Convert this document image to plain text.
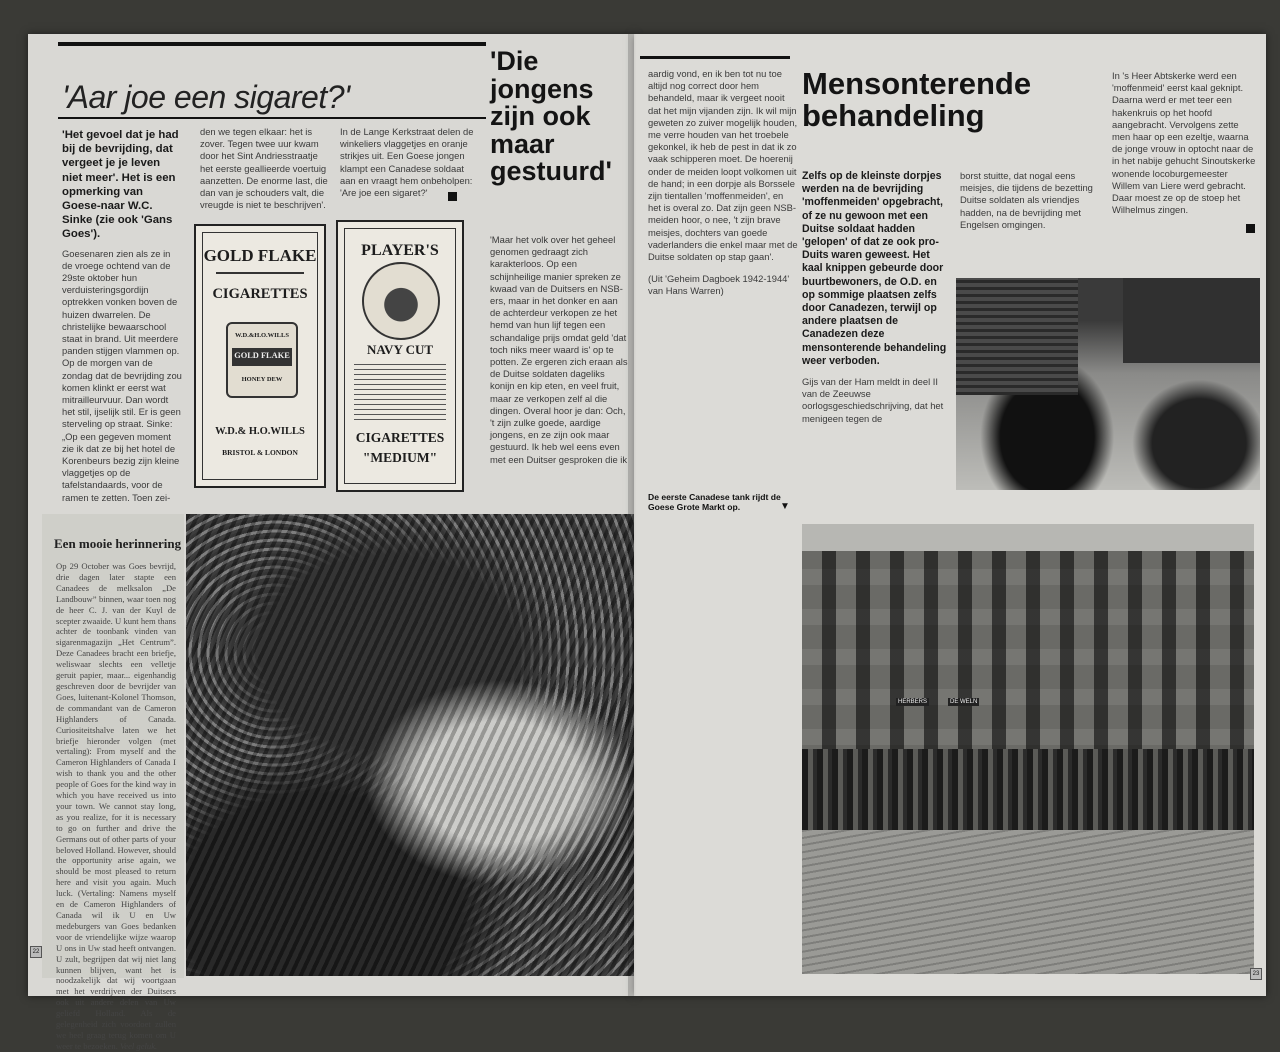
'Aar joe een sigaret?'

'Het gevoel dat je had bij de bevrijding, dat vergeet je je leven niet meer'. Het is een opmerking van Goese-naar W.C. Sinke (zie ook 'Gans Goes').

Goesenaren zien als ze in de vroege ochtend van de 29ste oktober hun verduisteringsgordijn optrekken vonken boven de huizen dwarrelen. De christelijke bewaarschool staat in brand. Uit meerdere panden stijgen vlammen op. Op de morgen van de zondag dat de bevrijding zou komen klinkt er eerst wat mitrailleurvuur. Dan wordt het stil, ijselijk stil. Er is geen sterveling op straat. Sinke: „Op een gegeven moment zie ik dat ze bij het hotel de Korenbeurs bezig zijn kleine vlaggetjes op de tafelstandaards, voor de ramen te zetten. Toen zei-

den we tegen elkaar: het is zover. Tegen twee uur kwam door het Sint Andriesstraatje het eerste geallieerde voertuig aanzetten. De enorme last, die dan van je schouders valt, die vreugde is niet te beschrijven'.

In de Lange Kerkstraat delen de winkeliers vlaggetjes en oranje strikjes uit. Een Goese jongen klampt een Canadese soldaat aan en vraagt hem onbeholpen: 'Are joe een sigaret?'

GOLD FLAKE
CIGARETTES
W.D.&H.O.WILLS
GOLD FLAKE
HONEY DEW
W.D.& H.O.WILLS
BRISTOL & LONDON
PLAYER'S
NAVY CUT
CIGARETTES
"MEDIUM"
'Die jongens zijn ook maar gestuurd'

'Maar het volk over het geheel genomen gedraagt zich karakterloos. Op een schijnheilige manier spreken ze kwaad van de Duitsers en NSB-ers, maar in het donker en aan de achterdeur verkopen ze het hemd van hun lijf tegen een schandalige prijs omdat geld 'dat toch niks meer waard is' op te potten. Ze ergeren zich eraan als de Duitse soldaten dageliks konijn en kip eten, en veel fruit, maar ze verkopen zelf al die dingen. Overal hoor je dan: Och, 't zijn zulke goede, aardige jongens, en ze zijn ook maar gestuurd. Ik heb wel eens even met een Duitser gesproken die ik

Een mooie herinnering
Op 29 October was Goes bevrijd, drie dagen later stapte een Canadees de melksalon „De Landbouw” binnen, waar toen nog de heer C. J. van der Kuyl de scepter zwaaide. U kunt hem thans achter de toonbank vinden van sigarenmagazijn „Het Centrum”. Deze Canadees bracht een briefje, weliswaar slechts een velletje geruit papier, maar... eigenhandig geschreven door de bevrijder van Goes, luitenant-Kolonel Thomson, de commandant van de Cameron Highlanders of Canada. Curiositeitshalve laten we het briefje hieronder volgen (met vertaling): From myself and the Cameron Highlanders of Canada I wish to thank you and the other people of Goes for the kind way in which you have received us into your town. We cannot stay long, as you realize, for it is necessary to go on further and drive the Germans out of other parts of your beloved Holland. However, should the opportunity arise again, we should be most pleased to return here and visit you again. Much luck. (Vertaling: Namens myself en de Cameron Highlanders of Canada wil ik U en Uw medeburgers van Goes bedanken voor de vriendelijke wijze waarop U ons in Uw stad heeft ontvangen. U zult, begrijpen dat wij niet lang kunnen blijven, want het is noodzakelijk dat wij voortgaan met het verdrijven der Duitsers ook uit andere delen van Uw geliefd Holland. Als de gelegenheid zich voordoet zullen we heel graag terug komen om U weer te bezoeken. Veel geluk.
22

aardig vond, en ik ben tot nu toe altijd nog correct door hem behandeld, maar ik vergeet nooit dat het mijn vijanden zijn. Ik wil mijn geweten zo zuiver mogelijk houden, me verre houden van het troebele gekonkel, ik heb de pest in dat ik zo vaak schipperen moet. De hoerenij onder de meiden loopt volkomen uit de hand; in een dorpje als Borssele zijn tientallen 'moffenmeiden', en het is overal zo. Dat zijn geen NSB-meiden hoor, o nee, 't zijn brave meisjes, dochters van goede vaderlanders die enkel maar met de Duitse soldaten op stap gaan'.

(Uit 'Geheim Dagboek 1942-1944' van Hans Warren)

Mensonterende behandeling

Zelfs op de kleinste dorpjes werden na de bevrijding 'moffenmeiden' opgebracht, of ze nu gewoon met een Duitse soldaat hadden 'gelopen' of dat ze ook pro-Duits waren geweest. Het kaal knippen gebeurde door buurtbewoners, de O.D. en op sommige plaatsen zelfs door Canadezen, terwijl op andere plaatsen de Canadezen deze mensonterende behandeling weer verboden.

Gijs van der Ham meldt in deel II van de Zeeuwse oorlogsgeschiedschrijving, dat het menigeen tegen de

borst stuitte, dat nogal eens meisjes, die tijdens de bezetting Duitse soldaten als vriendjes hadden, na de bevrijding met Engelsen omgingen.

In 's Heer Abtskerke werd een 'moffenmeid' eerst kaal geknipt. Daarna werd er met teer een hakenkruis op het hoofd aangebracht. Vervolgens zette men haar op een ezeltje, waarna de jonge vrouw in optocht naar de in het nabije gehucht Sinoutskerke wonende locoburgemeester Willem van Liere werd gebracht. Daar moest ze op de stoep het Wilhelmus zingen.

De eerste Canadese tank rijdt de Goese Grote Markt op.	▼
HERBERS	DE WELN
23
